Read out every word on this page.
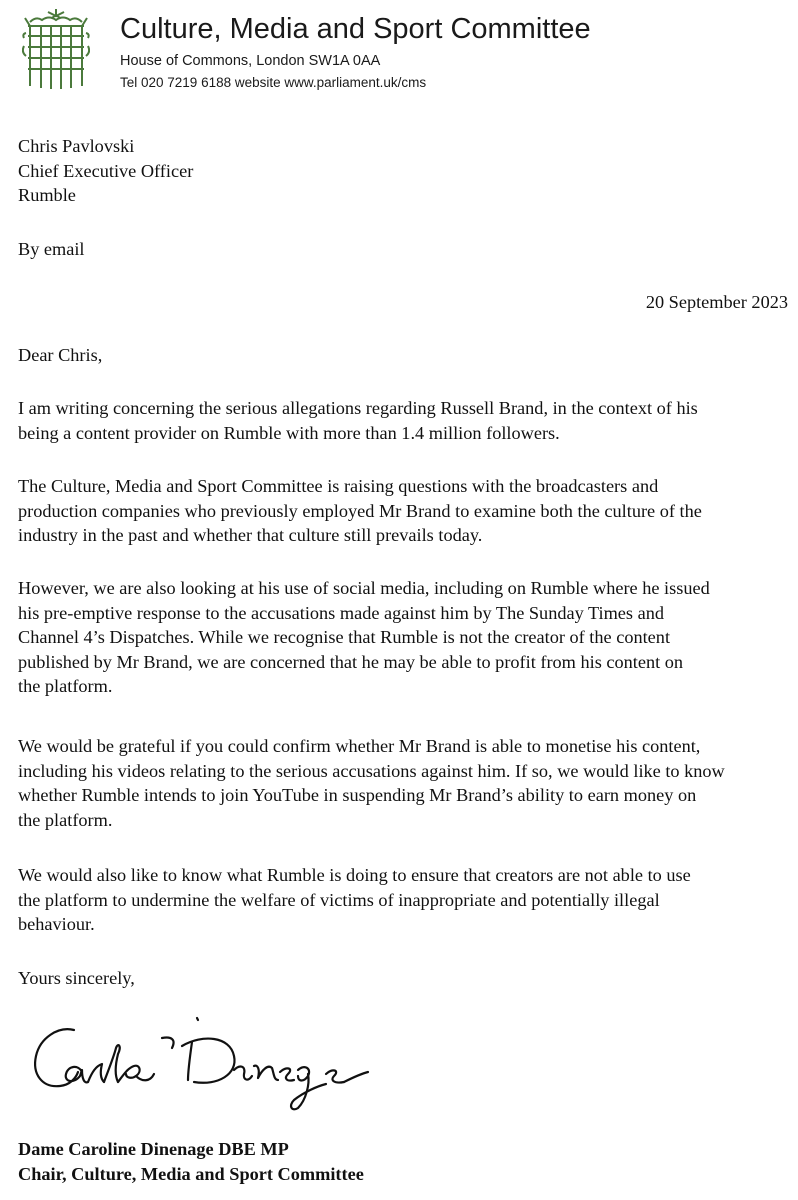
Culture, Media and Sport Committee
House of Commons, London SW1A 0AA
Tel 020 7219 6188 website www.parliament.uk/cms
Chris Pavlovski
Chief Executive Officer
Rumble
By email
20 September 2023
Dear Chris,
I am writing concerning the serious allegations regarding Russell Brand, in the context of his
being a content provider on Rumble with more than 1.4 million followers.
The Culture, Media and Sport Committee is raising questions with the broadcasters and
production companies who previously employed Mr Brand to examine both the culture of the
industry in the past and whether that culture still prevails today.
However, we are also looking at his use of social media, including on Rumble where he issued
his pre-emptive response to the accusations made against him by The Sunday Times and
Channel 4’s Dispatches. While we recognise that Rumble is not the creator of the content
published by Mr Brand, we are concerned that he may be able to profit from his content on
the platform.
We would be grateful if you could confirm whether Mr Brand is able to monetise his content,
including his videos relating to the serious accusations against him. If so, we would like to know
whether Rumble intends to join YouTube in suspending Mr Brand’s ability to earn money on
the platform.
We would also like to know what Rumble is doing to ensure that creators are not able to use
the platform to undermine the welfare of victims of inappropriate and potentially illegal
behaviour.
Yours sincerely,
Dame Caroline Dinenage DBE MP
Chair, Culture, Media and Sport Committee
